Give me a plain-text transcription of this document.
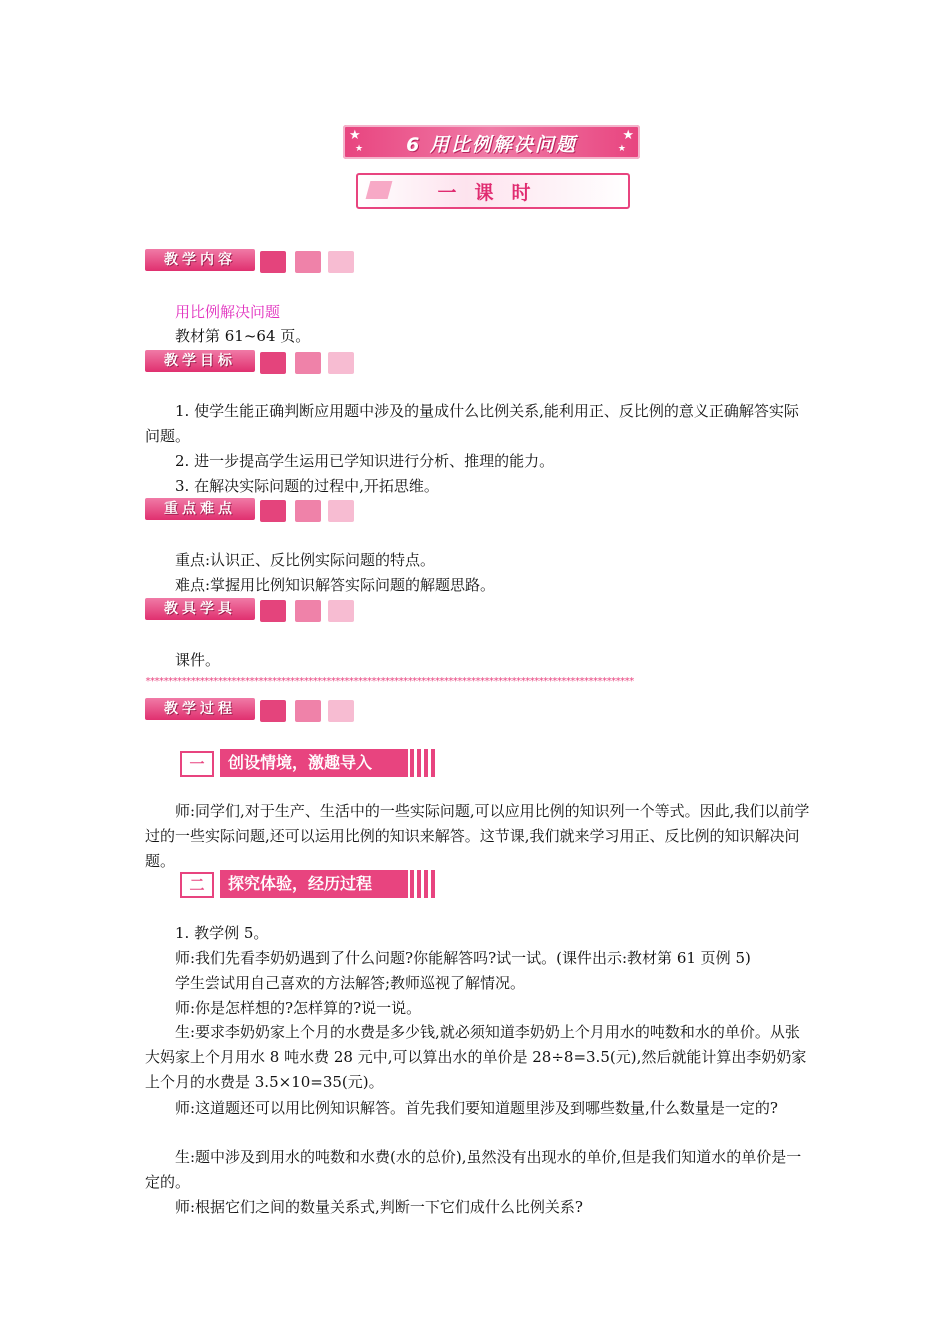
★
★
★
★
6 用比例解决问题
一课时
教学内容
用比例解决问题
教材第 61~64 页。
教学目标
1. 使学生能正确判断应用题中涉及的量成什么比例关系,能利用正、反比例的意义正确解答实际问题。
2. 进一步提高学生运用已学知识进行分析、推理的能力。
3. 在解决实际问题的过程中,开拓思维。
重点难点
重点:认识正、反比例实际问题的特点。
难点:掌握用比例知识解答实际问题的解题思路。
教具学具
课件。
************************************************************************************************************
教学过程
一	创设情境，激趣导入
师:同学们,对于生产、生活中的一些实际问题,可以应用比例的知识列一个等式。因此,我们以前学过的一些实际问题,还可以运用比例的知识来解答。这节课,我们就来学习用正、反比例的知识解决问题。
二	探究体验，经历过程
1. 教学例 5。
师:我们先看李奶奶遇到了什么问题?你能解答吗?试一试。(课件出示:教材第 61 页例 5)
学生尝试用自己喜欢的方法解答;教师巡视了解情况。
师:你是怎样想的?怎样算的?说一说。
生:要求李奶奶家上个月的水费是多少钱,就必须知道李奶奶上个月用水的吨数和水的单价。从张大妈家上个月用水 8 吨水费 28 元中,可以算出水的单价是 28÷8=3.5(元),然后就能计算出李奶奶家上个月的水费是 3.5×10=35(元)。
师:这道题还可以用比例知识解答。首先我们要知道题里涉及到哪些数量,什么数量是一定的?
生:题中涉及到用水的吨数和水费(水的总价),虽然没有出现水的单价,但是我们知道水的单价是一定的。
师:根据它们之间的数量关系式,判断一下它们成什么比例关系?
